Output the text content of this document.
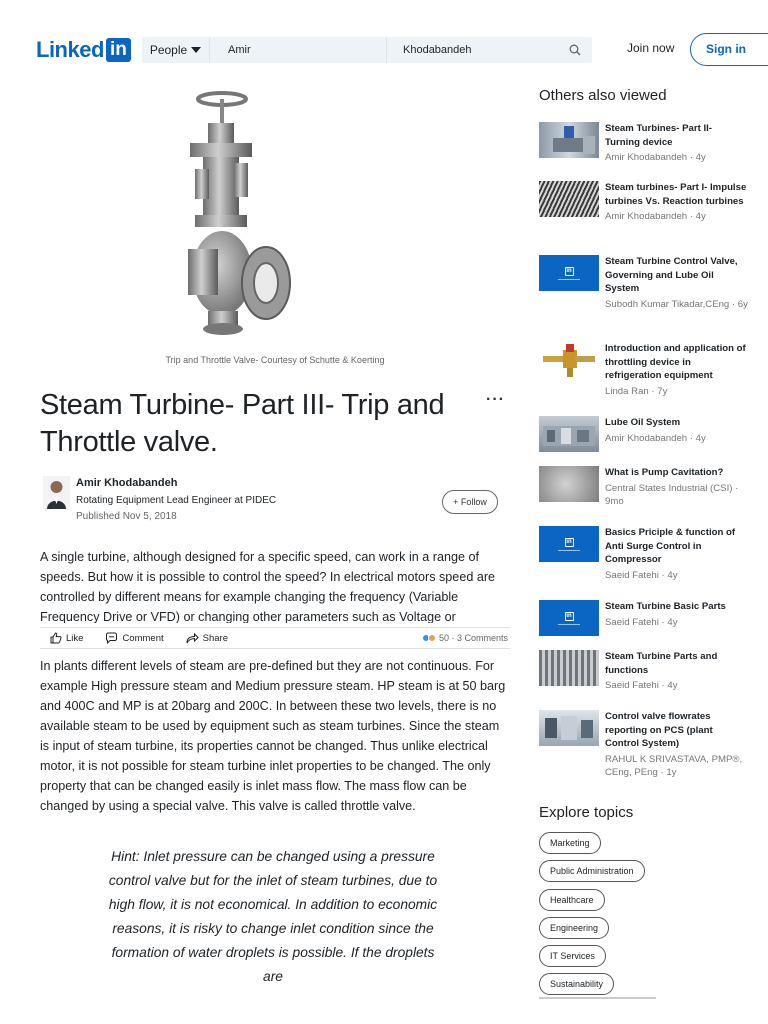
Linked in	People	Amir	Khodabandeh	Join now	Sign in
Trip and Throttle Valve- Courtesy of Schutte & Koerting
Steam Turbine- Part III- Trip and Throttle valve.
···
Amir Khodabandeh
Rotating Equipment Lead Engineer at PIDEC
Published Nov 5, 2018
+ Follow

A single turbine, although designed for a specific speed, can work in a range of speeds. But how it is possible to control the speed? In electrical motors speed are controlled by different means for example changing the frequency (Variable Frequency Drive or VFD) or changing other parameters such as Voltage or

Like	Comment	Share	50 · 3 Comments

In plants different levels of steam are pre-defined but they are not continuous. For example High pressure steam and Medium pressure steam. HP steam is at 50 barg and 400C and MP is at 20barg and 200C. In between these two levels, there is no available steam to be used by equipment such as steam turbines. Since the steam is input of steam turbine, its properties cannot be changed. Thus unlike electrical motor, it is not possible for steam turbine inlet properties to be changed. The only property that can be changed easily is inlet mass flow. The mass flow can be changed by using a special valve. This valve is called throttle valve.

Hint: Inlet pressure can be changed using a pressure control valve but for the inlet of steam turbines, due to high flow, it is not economical. In addition to economic reasons, it is risky to change inlet condition since the formation of water droplets is possible. If the droplets are

Others also viewed
Steam Turbines- Part II- Turning device
Amir Khodabandeh · 4y
Steam turbines- Part I- Impulse turbines Vs. Reaction turbines
Amir Khodabandeh · 4y
in
Steam Turbine Control Valve, Governing and Lube Oil System
Subodh Kumar Tikadar,CEng · 6y
Introduction and application of throttling device in refrigeration equipment
Linda Ran · 7y
Lube Oil System
Amir Khodabandeh · 4y
What is Pump Cavitation?
Central States Industrial (CSI) · 9mo
in
Basics Priciple & function of Anti Surge Control in Compressor
Saeid Fatehi · 4y
in
Steam Turbine Basic Parts
Saeid Fatehi · 4y
Steam Turbine Parts and functions
Saeid Fatehi · 4y
Control valve flowrates reporting on PCS (plant Control System)
RAHUL K SRIVASTAVA, PMP®, CEng, PEng · 1y
Explore topics
Marketing
Public Administration
Healthcare
Engineering
IT Services
Sustainability
